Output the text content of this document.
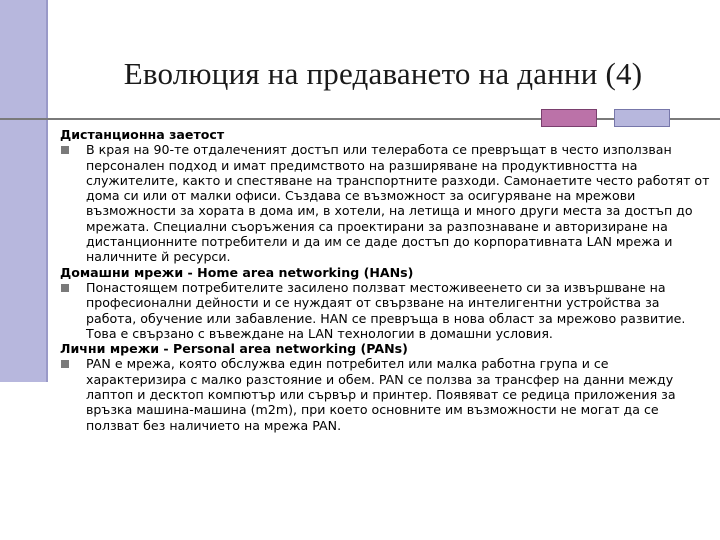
Еволюция на предаването на данни (4)

Дистанционна заетост

В края на 90-те отдалеченият достъп или телеработа се превръщат в често използван персонален подход и имат предимството на разширяване на продуктивността на служителите, както и спестяване на транспортните разходи. Самонаетите често работят от дома си или от малки офиси. Създава се възможност за осигуряване на мрежови възможности за хората в дома им, в хотели, на летища и много други места за достъп до мрежата. Специални съоръжения са проектирани за разпознаване и авторизиране на дистанционните потребители и да им се даде достъп до корпоративната LAN мрежа и наличните й ресурси.

Домашни мрежи - Home area networking (HANs)

Понастоящем потребителите засилено ползват местоживеенето си за извършване на професионални дейности и се нуждаят от свързване на интелигентни устройства за работа, обучение или забавление. HAN се превръща в нова област за мрежово развитие. Това е свързано с въвеждане на LAN технологии в домашни условия.

Лични мрежи - Personal area networking (PANs)

PAN е мрежа, която обслужва един потребител или малка работна група и се характеризира с малко разстояние и обем. PAN се ползва за трансфер на данни между лаптоп и десктоп компютър или сървър и принтер. Появяват се редица приложения за връзка машина-машина (m2m), при което основните им възможности не могат да се ползват без наличието на мрежа PAN.
